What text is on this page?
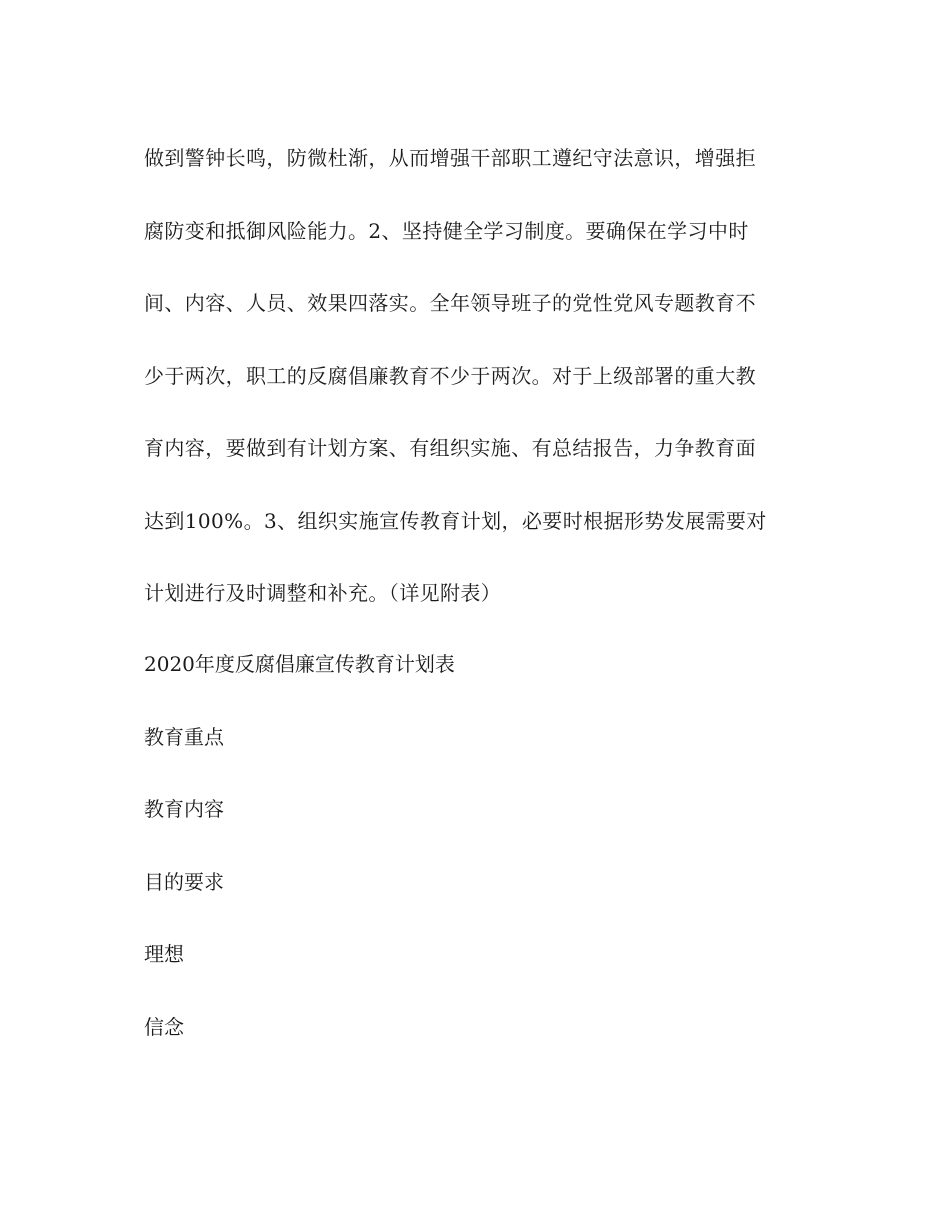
做到警钟长鸣，防微杜渐，从而增强干部职工遵纪守法意识，增强拒
腐防变和抵御风险能力。2、坚持健全学习制度。要确保在学习中时
间、内容、人员、效果四落实。全年领导班子的党性党风专题教育不
少于两次，职工的反腐倡廉教育不少于两次。对于上级部署的重大教
育内容，要做到有计划方案、有组织实施、有总结报告，力争教育面
达到100%。3、组织实施宣传教育计划，必要时根据形势发展需要对
计划进行及时调整和补充。（详见附表）
2020年度反腐倡廉宣传教育计划表
教育重点
教育内容
目的要求
理想
信念
